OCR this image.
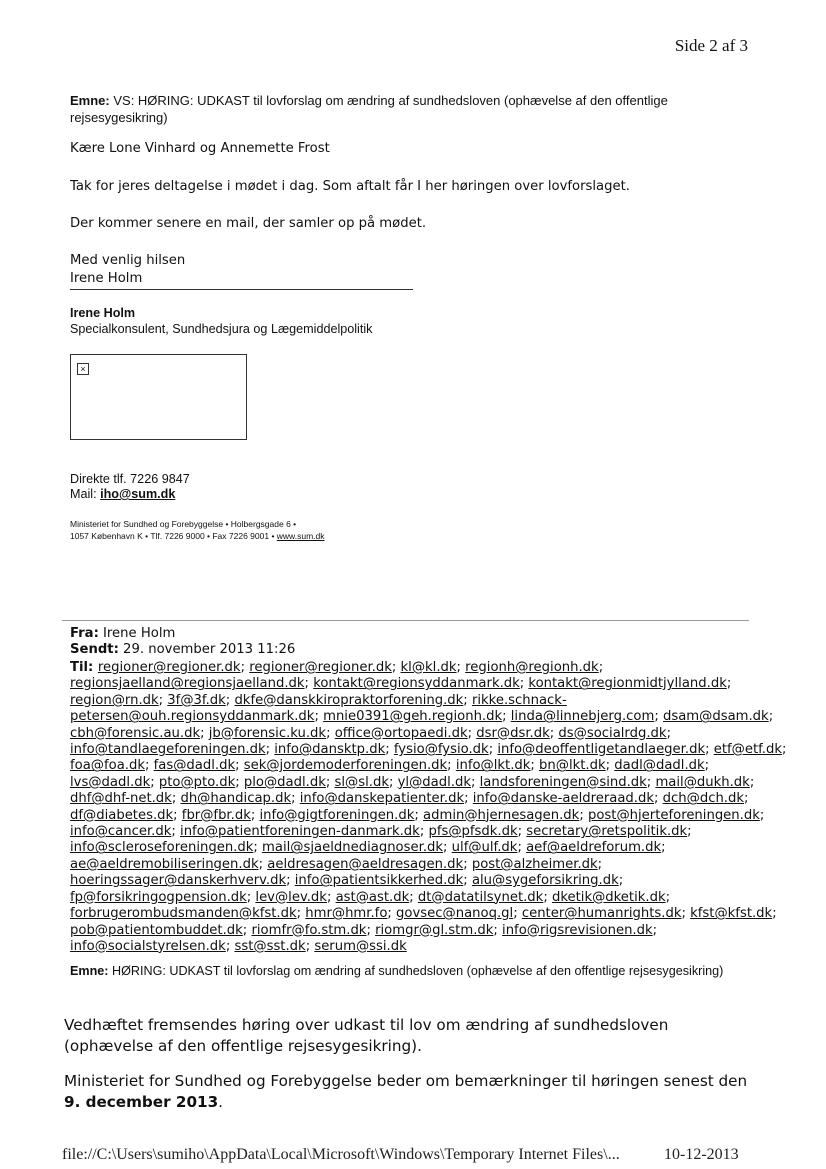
Side 2 af 3
Emne: VS: HØRING: UDKAST til lovforslag om ændring af sundhedsloven (ophævelse af den offentlige rejsesygesikring)
Kære Lone Vinhard og Annemette Frost
Tak for jeres deltagelse i mødet i dag. Som aftalt får I her høringen over lovforslaget.
Der kommer senere en mail, der samler op på mødet.
Med venlig hilsen
Irene Holm
Irene Holm
Specialkonsulent, Sundhedsjura og Lægemiddelpolitik
×
Direkte tlf. 7226 9847
Mail: iho@sum.dk
Ministeriet for Sundhed og Forebyggelse • Holbergsgade 6 •
1057 København K • Tlf. 7226 9000 • Fax 7226 9001 • www.sum.dk
Fra: Irene Holm
Sendt: 29. november 2013 11:26
Til: regioner@regioner.dk; regioner@regioner.dk; kl@kl.dk; regionh@regionh.dk;
regionsjaelland@regionsjaelland.dk; kontakt@regionsyddanmark.dk; kontakt@regionmidtjylland.dk;
region@rn.dk; 3f@3f.dk; dkfe@danskkiropraktorforening.dk; rikke.schnack-
petersen@ouh.regionsyddanmark.dk; mnie0391@geh.regionh.dk; linda@linnebjerg.com; dsam@dsam.dk;
cbh@forensic.au.dk; jb@forensic.ku.dk; office@ortopaedi.dk; dsr@dsr.dk; ds@socialrdg.dk;
info@tandlaegeforeningen.dk; info@dansktp.dk; fysio@fysio.dk; info@deoffentligetandlaeger.dk; etf@etf.dk;
foa@foa.dk; fas@dadl.dk; sek@jordemoderforeningen.dk; info@lkt.dk; bn@lkt.dk; dadl@dadl.dk;
lvs@dadl.dk; pto@pto.dk; plo@dadl.dk; sl@sl.dk; yl@dadl.dk; landsforeningen@sind.dk; mail@dukh.dk;
dhf@dhf-net.dk; dh@handicap.dk; info@danskepatienter.dk; info@danske-aeldreraad.dk; dch@dch.dk;
df@diabetes.dk; fbr@fbr.dk; info@gigtforeningen.dk; admin@hjernesagen.dk; post@hjerteforeningen.dk;
info@cancer.dk; info@patientforeningen-danmark.dk; pfs@pfsdk.dk; secretary@retspolitik.dk;
info@scleroseforeningen.dk; mail@sjaeldnediagnoser.dk; ulf@ulf.dk; aef@aeldreforum.dk;
ae@aeldremobiliseringen.dk; aeldresagen@aeldresagen.dk; post@alzheimer.dk;
hoeringssager@danskerhverv.dk; info@patientsikkerhed.dk; alu@sygeforsikring.dk;
fp@forsikringogpension.dk; lev@lev.dk; ast@ast.dk; dt@datatilsynet.dk; dketik@dketik.dk;
forbrugerombudsmanden@kfst.dk; hmr@hmr.fo; govsec@nanoq.gl; center@humanrights.dk; kfst@kfst.dk;
pob@patientombuddet.dk; riomfr@fo.stm.dk; riomgr@gl.stm.dk; info@rigsrevisionen.dk;
info@socialstyrelsen.dk; sst@sst.dk; serum@ssi.dk
Emne: HØRING: UDKAST til lovforslag om ændring af sundhedsloven (ophævelse af den offentlige rejsesygesikring)
Vedhæftet fremsendes høring over udkast til lov om ændring af sundhedsloven (ophævelse af den offentlige rejsesygesikring).
Ministeriet for Sundhed og Forebyggelse beder om bemærkninger til høringen senest den 9. december 2013.
file://C:\Users\sumiho\AppData\Local\Microsoft\Windows\Temporary Internet Files\...	10-12-2013
